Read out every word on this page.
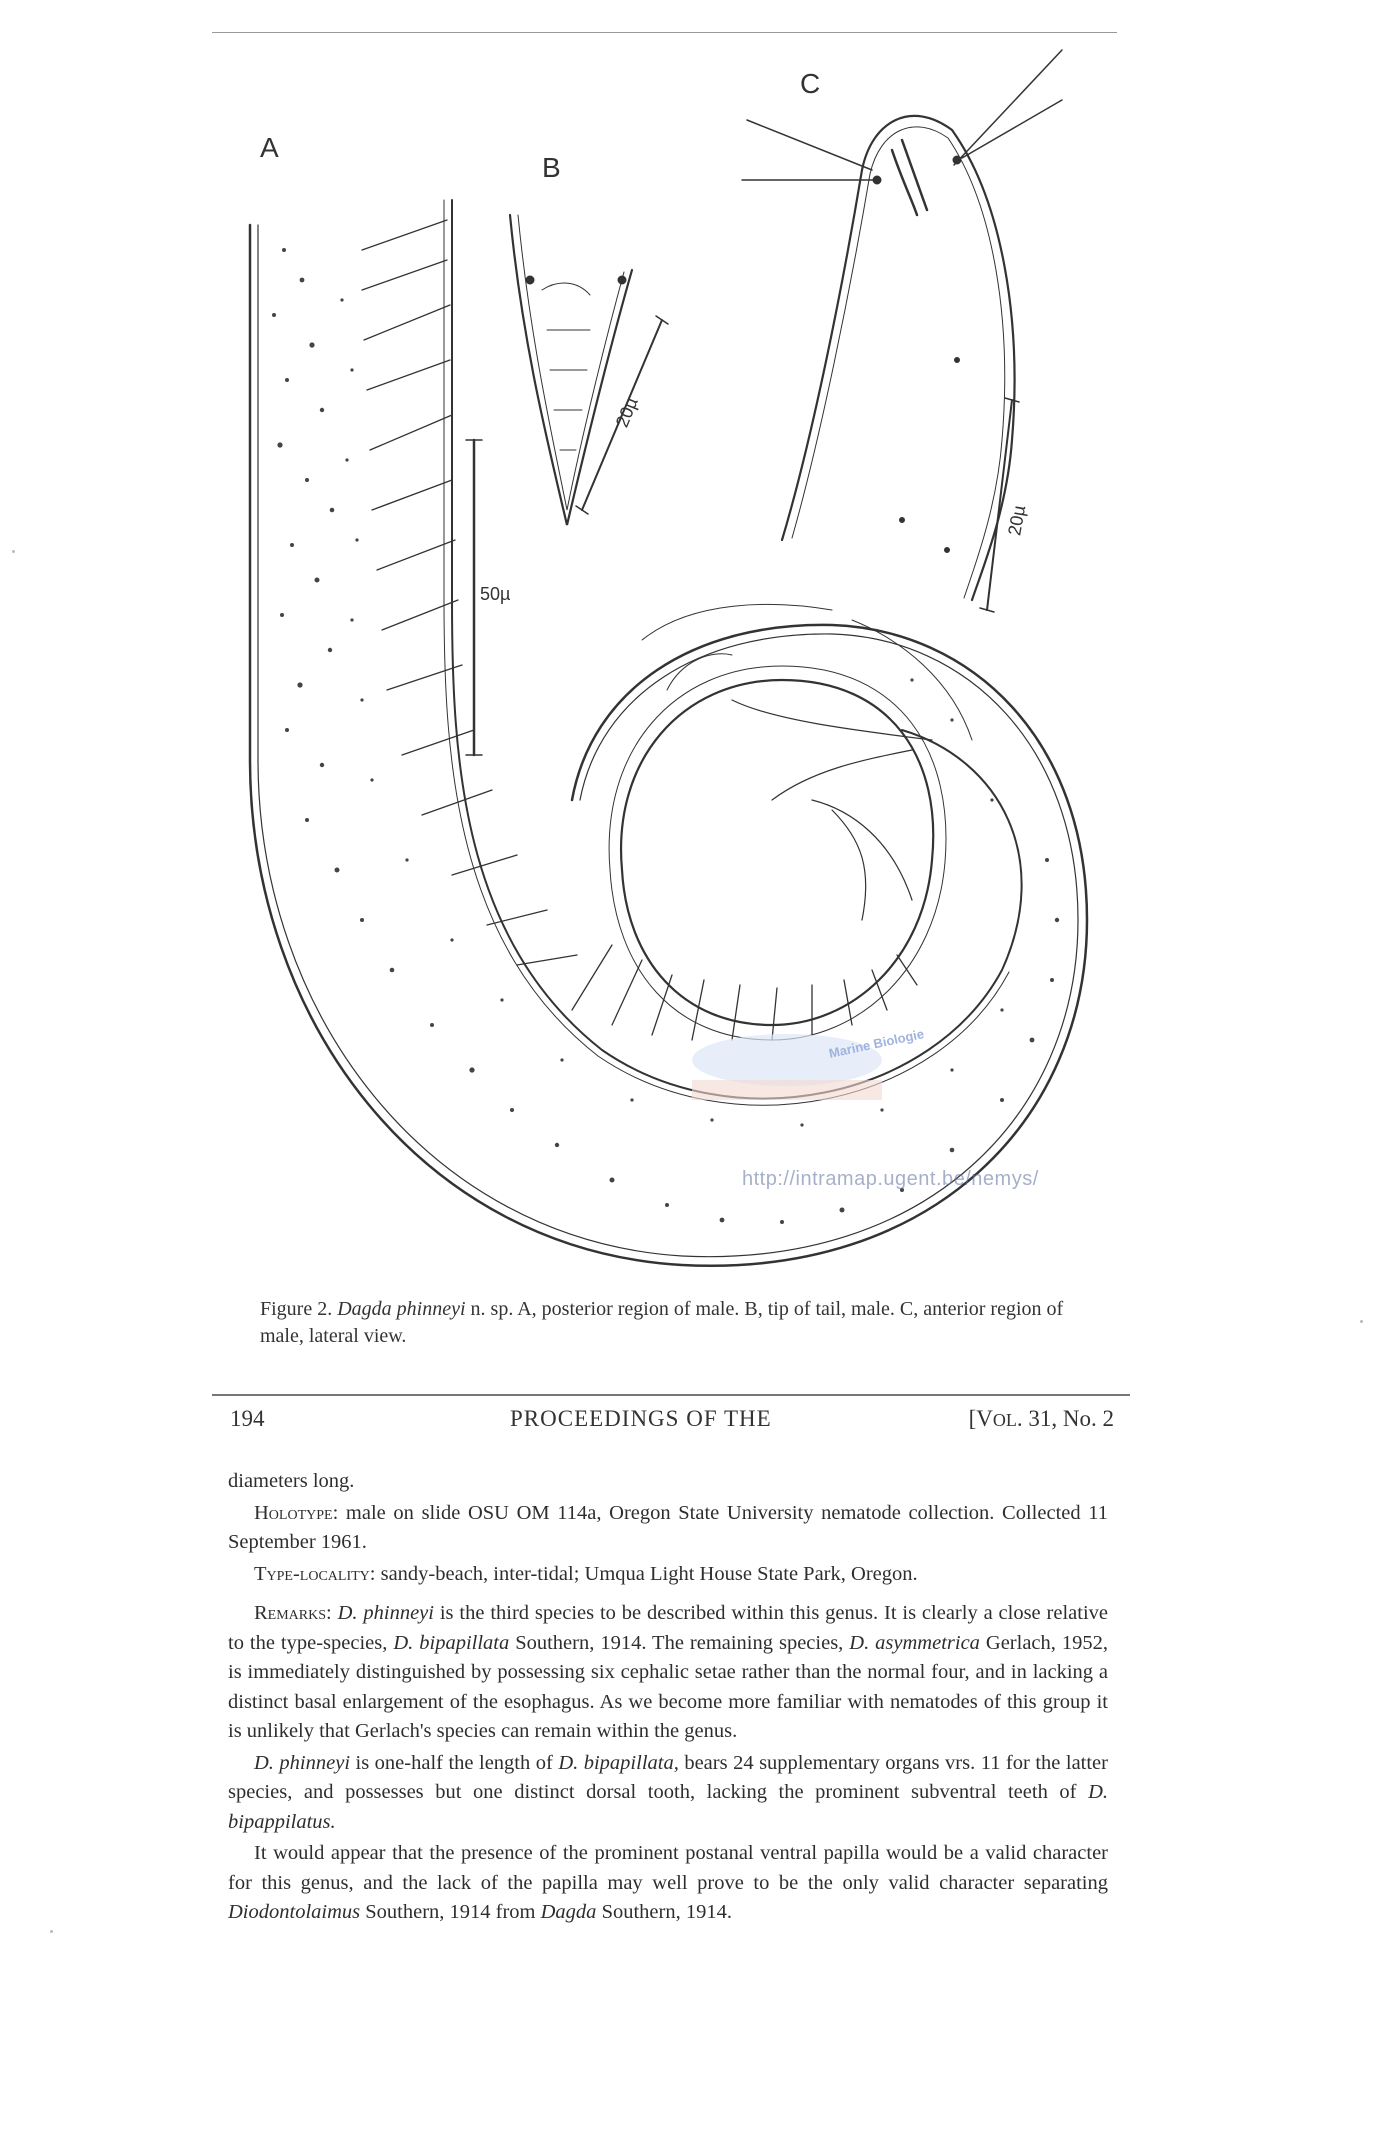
A
B
C
50µ
20µ
20µ
Marine Biologie
http://intramap.ugent.be/nemys/
Figure 2. Dagda phinneyi n. sp. A, posterior region of male. B, tip of tail, male. C, anterior region of male, lateral view.
194	PROCEEDINGS OF THE	[VOL. 31, No. 2

diameters long.

Holotype: male on slide OSU OM 114a, Oregon State University nematode collection. Collected 11 September 1961.

Type-locality: sandy-beach, inter-tidal; Umqua Light House State Park, Oregon.

Remarks: D. phinneyi is the third species to be described within this genus. It is clearly a close relative to the type-species, D. bipapillata Southern, 1914. The remaining species, D. asymmetrica Gerlach, 1952, is immediately distinguished by possessing six cephalic setae rather than the normal four, and in lacking a distinct basal enlargement of the esophagus. As we become more familiar with nematodes of this group it is unlikely that Gerlach's species can remain within the genus.

D. phinneyi is one-half the length of D. bipapillata, bears 24 supplementary organs vrs. 11 for the latter species, and possesses but one distinct dorsal tooth, lacking the prominent subventral teeth of D. bipappilatus.

It would appear that the presence of the prominent postanal ventral papilla would be a valid character for this genus, and the lack of the papilla may well prove to be the only valid character separating Diodontolaimus Southern, 1914 from Dagda Southern, 1914.
